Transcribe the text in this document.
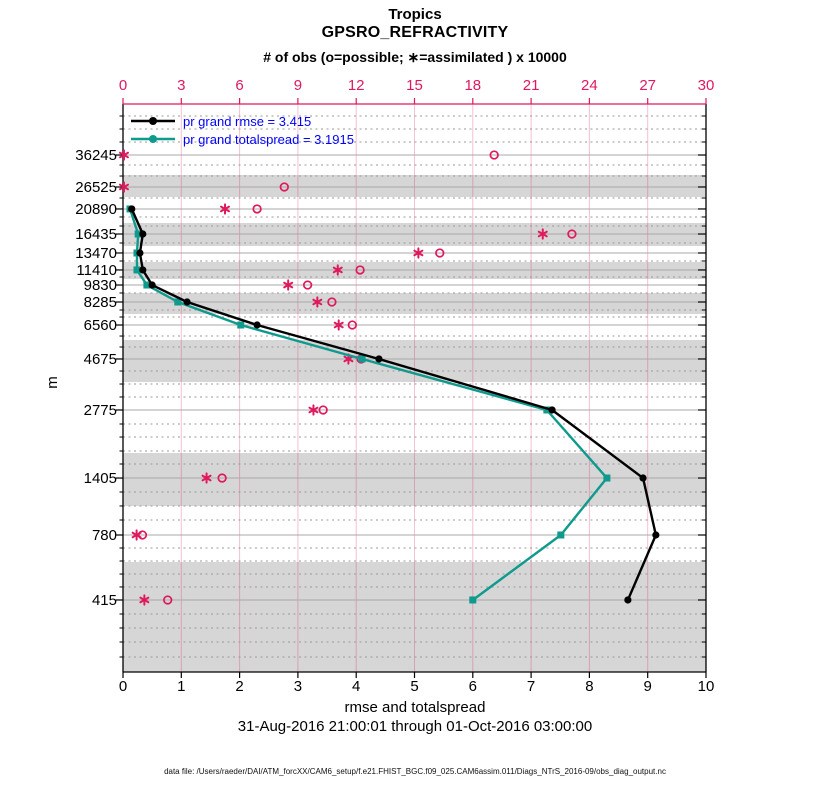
Tropics
GPSRO_REFRACTIVITY
# of obs (o=possible; ∗=assimilated ) x 10000
0	3	6	9	12	15	18	21	24	27	30
0	1	2	3	4	5	6	7	8	9	10
36245
26525
20890
16435
13470
11410
9830
8285
6560
4675
2775
1405
780
415
m
pr grand rmse = 3.415
pr grand totalspread = 3.1915
rmse and totalspread
31-Aug-2016 21:00:01 through 01-Oct-2016 03:00:00
data file: /Users/raeder/DAI/ATM_forcXX/CAM6_setup/f.e21.FHIST_BGC.f09_025.CAM6assim.011/Diags_NTrS_2016-09/obs_diag_output.nc
